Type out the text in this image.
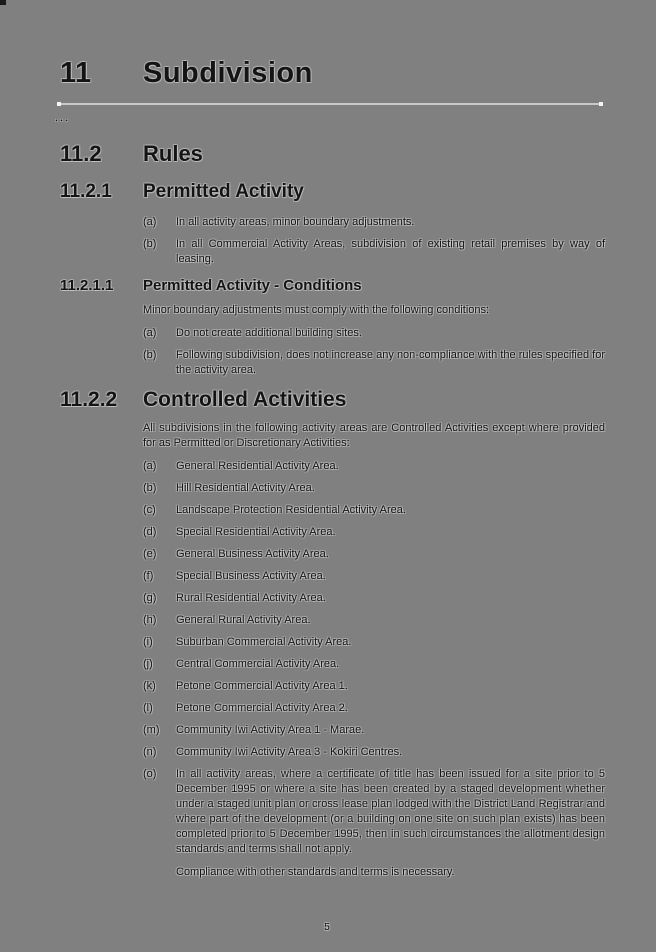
11	Subdivision
...
11.2	Rules
11.2.1	Permitted Activity
(a)	In all activity areas, minor boundary adjustments.
(b)	In all Commercial Activity Areas, subdivision of existing retail premises by way of leasing.
11.2.1.1	Permitted Activity - Conditions
Minor boundary adjustments must comply with the following conditions:
(a)	Do not create additional building sites.
(b)	Following subdivision, does not increase any non-compliance with the rules specified for the activity area.
11.2.2	Controlled Activities
All subdivisions in the following activity areas are Controlled Activities except where provided for as Permitted or Discretionary Activities:
(a)	General Residential Activity Area.
(b)	Hill Residential Activity Area.
(c)	Landscape Protection Residential Activity Area.
(d)	Special Residential Activity Area.
(e)	General Business Activity Area.
(f)	Special Business Activity Area.
(g)	Rural Residential Activity Area.
(h)	General Rural Activity Area.
(i)	Suburban Commercial Activity Area.
(j)	Central Commercial Activity Area.
(k)	Petone Commercial Activity Area 1.
(l)	Petone Commercial Activity Area 2.
(m)	Community Iwi Activity Area 1 - Marae.
(n)	Community Iwi Activity Area 3 - Kokiri Centres.
(o)	In all activity areas, where a certificate of title has been issued for a site prior to 5 December 1995 or where a site has been created by a staged development whether under a staged unit plan or cross lease plan lodged with the District Land Registrar and where part of the development (or a building on one site on such plan exists) has been completed prior to 5 December 1995, then in such circumstances the allotment design standards and terms shall not apply.
Compliance with other standards and terms is necessary.
5
